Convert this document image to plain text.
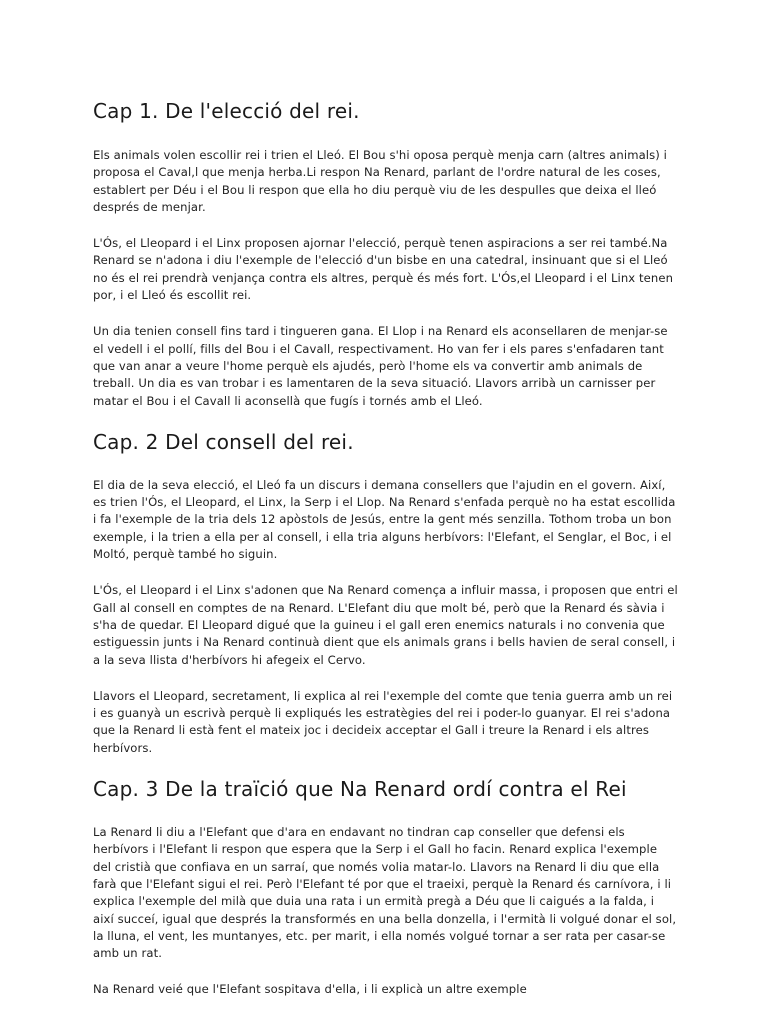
Cap 1. De l'elecció del rei.

Els animals volen escollir rei i trien el Lleó. El Bou s'hi oposa perquè menja carn (altres animals) i proposa el Caval,l que menja herba.Li respon Na Renard, parlant de l'ordre natural de les coses, establert per Déu i el Bou li respon que ella ho diu perquè viu de les despulles que deixa el lleó després de menjar.

L'Ós, el Lleopard i el Linx proposen ajornar l'elecció, perquè tenen aspiracions a ser rei també.Na Renard se n'adona i diu l'exemple de l'elecció d'un bisbe en una catedral, insinuant que si el Lleó no és el rei prendrà venjança contra els altres, perquè és més fort. L'Ós,el Lleopard i el Linx tenen por, i el Lleó és escollit rei.

Un dia tenien consell fins tard i tingueren gana. El Llop i na Renard els aconsellaren de menjar-se el vedell i el pollí, fills del Bou i el Cavall, respectivament. Ho van fer i els pares s'enfadaren tant que van anar a veure l'home perquè els ajudés, però l'home els va convertir amb animals de treball. Un dia es van trobar i es lamentaren de la seva situació. Llavors arribà un carnisser per matar el Bou i el Cavall li aconsellà que fugís i tornés amb el Lleó.

Cap. 2 Del consell del rei.

El dia de la seva elecció, el Lleó fa un discurs i demana consellers que l'ajudin en el govern. Així, es trien l'Ós, el Lleopard, el Linx, la Serp i el Llop. Na Renard s'enfada perquè no ha estat escollida i fa l'exemple de la tria dels 12 apòstols de Jesús, entre la gent més senzilla. Tothom troba un bon exemple, i la trien a ella per al consell, i ella tria alguns herbívors: l'Elefant, el Senglar, el Boc, i el Moltó, perquè també ho siguin.

L'Ós, el Lleopard i el Linx s'adonen que Na Renard comença a influir massa, i proposen que entri el Gall al consell en comptes de na Renard. L'Elefant diu que molt bé, però que la Renard és sàvia i s'ha de quedar. El Lleopard digué que la guineu i el gall eren enemics naturals i no convenia que estiguessin junts i Na Renard continuà dient que els animals grans i bells havien de seral consell, i a la seva llista d'herbívors hi afegeix el Cervo.

Llavors el Lleopard, secretament, li explica al rei l'exemple del comte que tenia guerra amb un rei i es guanyà un escrivà perquè li expliqués les estratègies del rei i poder-lo guanyar. El rei s'adona que la Renard li està fent el mateix joc i decideix acceptar el Gall i treure la Renard i els altres herbívors.

Cap. 3 De la traïció que Na Renard ordí contra el Rei

La Renard li diu a l'Elefant que d'ara en endavant no tindran cap conseller que defensi els herbívors i l'Elefant li respon que espera que la Serp i el Gall ho facin. Renard explica l'exemple del cristià que confiava en un sarraí, que només volia matar-lo. Llavors na Renard li diu que ella farà que l'Elefant sigui el rei. Però l'Elefant té por que el traeixi, perquè la Renard és carnívora, i li explica l'exemple del milà que duia una rata i un ermità pregà a Déu que li caigués a la falda, i així succeí, igual que després la transformés en una bella donzella, i l'ermità li volgué donar el sol, la lluna, el vent, les muntanyes, etc. per marit, i ella només volgué tornar a ser rata per casar-se amb un rat.

Na Renard veié que l'Elefant sospitava d'ella, i li explicà un altre exemple
